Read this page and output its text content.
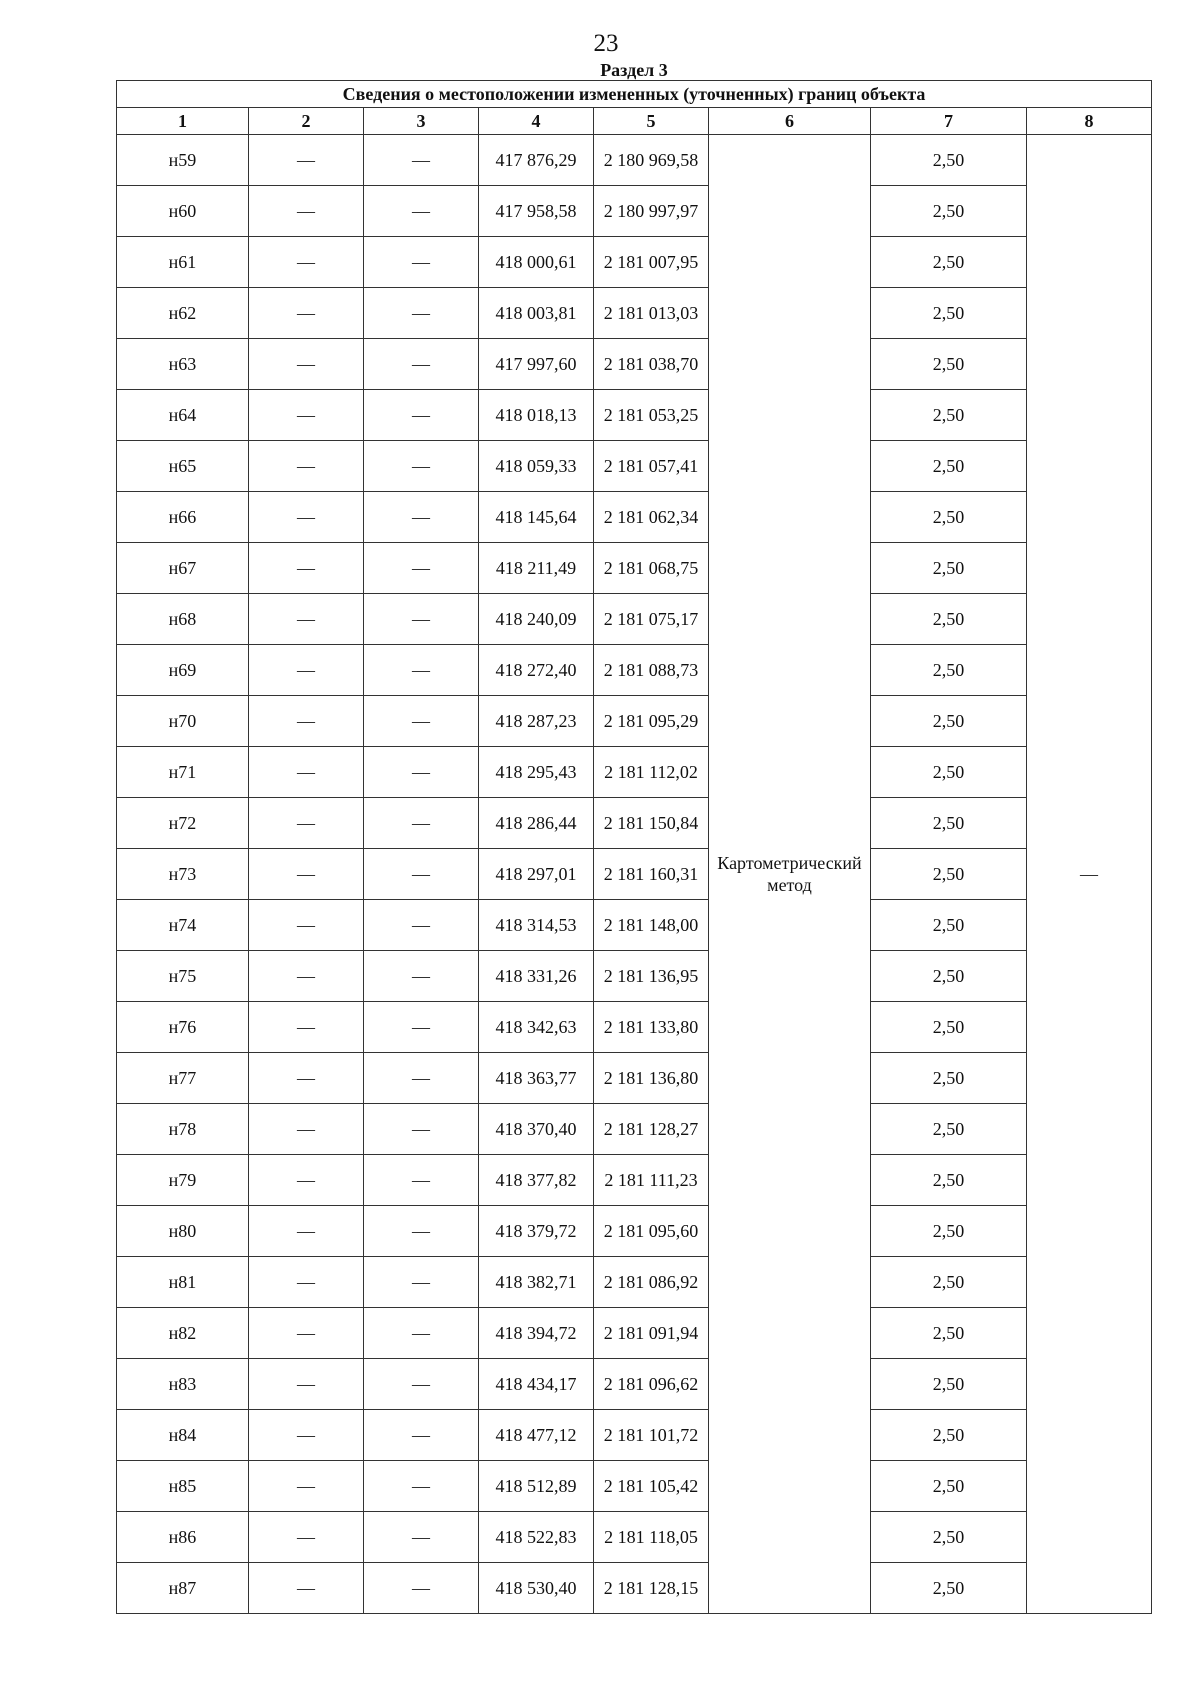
23
Раздел 3
Сведения о местоположении измененных (уточненных) границ объекта							
1	2	3	4	5	6	7	8
н59	—	—	417 876,29	2 180 969,58	Картометрический метод	2,50	—
н60	—	—	417 958,58	2 180 997,97		2,50	
н61	—	—	418 000,61	2 181 007,95		2,50	
н62	—	—	418 003,81	2 181 013,03		2,50	
н63	—	—	417 997,60	2 181 038,70		2,50	
н64	—	—	418 018,13	2 181 053,25		2,50	
н65	—	—	418 059,33	2 181 057,41		2,50	
н66	—	—	418 145,64	2 181 062,34		2,50	
н67	—	—	418 211,49	2 181 068,75		2,50	
н68	—	—	418 240,09	2 181 075,17		2,50	
н69	—	—	418 272,40	2 181 088,73		2,50	
н70	—	—	418 287,23	2 181 095,29		2,50	
н71	—	—	418 295,43	2 181 112,02		2,50	
н72	—	—	418 286,44	2 181 150,84		2,50	
н73	—	—	418 297,01	2 181 160,31		2,50	
н74	—	—	418 314,53	2 181 148,00		2,50	
н75	—	—	418 331,26	2 181 136,95		2,50	
н76	—	—	418 342,63	2 181 133,80		2,50	
н77	—	—	418 363,77	2 181 136,80		2,50	
н78	—	—	418 370,40	2 181 128,27		2,50	
н79	—	—	418 377,82	2 181 111,23		2,50	
н80	—	—	418 379,72	2 181 095,60		2,50	
н81	—	—	418 382,71	2 181 086,92		2,50	
н82	—	—	418 394,72	2 181 091,94		2,50	
н83	—	—	418 434,17	2 181 096,62		2,50	
н84	—	—	418 477,12	2 181 101,72		2,50	
н85	—	—	418 512,89	2 181 105,42		2,50	
н86	—	—	418 522,83	2 181 118,05		2,50	
н87	—	—	418 530,40	2 181 128,15		2,50	
